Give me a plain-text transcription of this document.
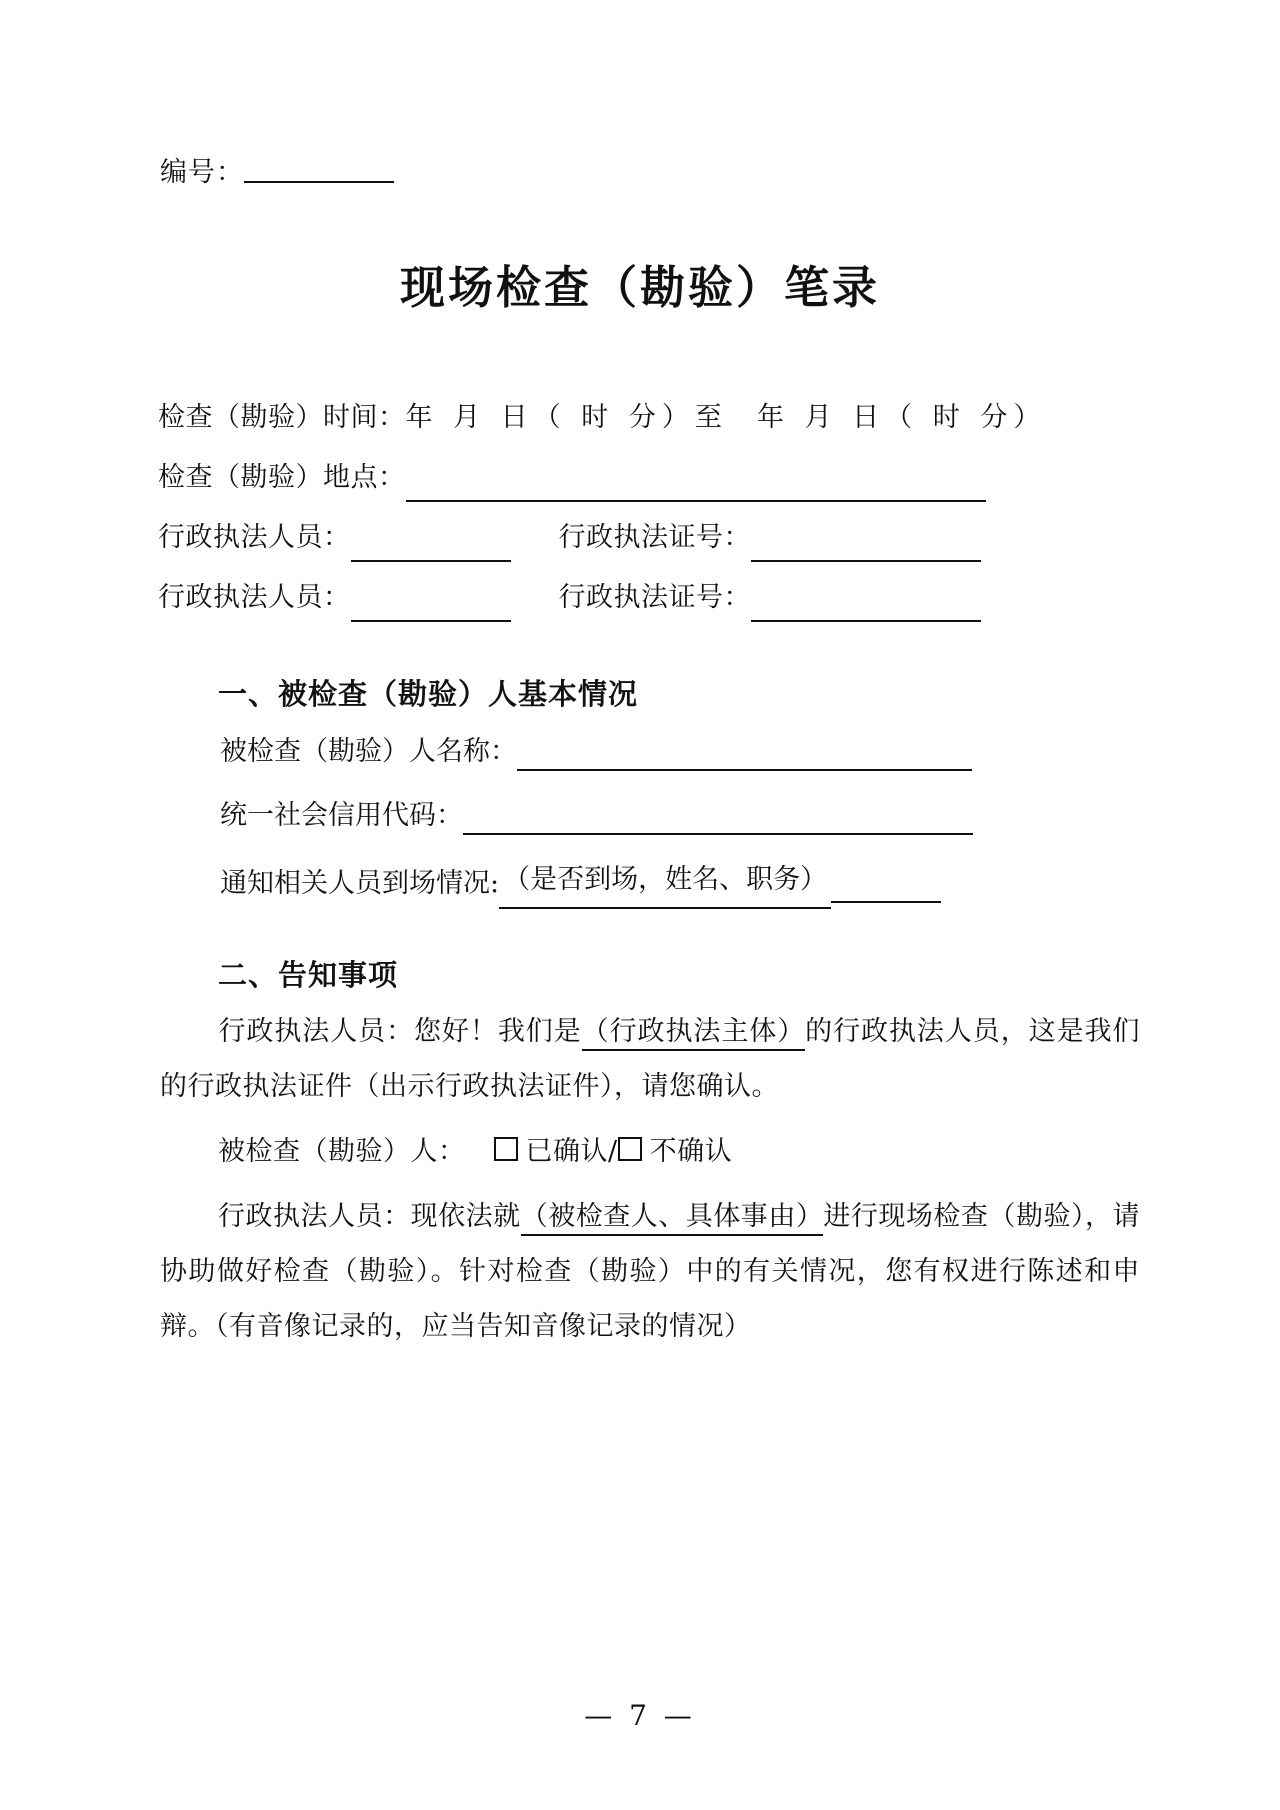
编号：
现场检查（勘验）笔录
检查（勘验）时间： 年 月 日（ 时 分）至  年 月 日（ 时 分）
检查（勘验）地点：
行政执法人员：	行政执法证号：
行政执法人员：	行政执法证号：
一、被检查（勘验）人基本情况
被检查（勘验）人名称：
统一社会信用代码：
通知相关人员到场情况: （是否到场，姓名、职务）
二、告知事项
行政执法人员：您好！我们是（行政执法主体）的行政执法人员，这是我们的行政执法证件（出示行政执法证件），请您确认。
被检查（勘验）人： 已确认/ 不确认
行政执法人员：现依法就（被检查人、具体事由）进行现场检查（勘验），请协助做好检查（勘验）。针对检查（勘验）中的有关情况，您有权进行陈述和申辩。（有音像记录的，应当告知音像记录的情况）
— 7 —
